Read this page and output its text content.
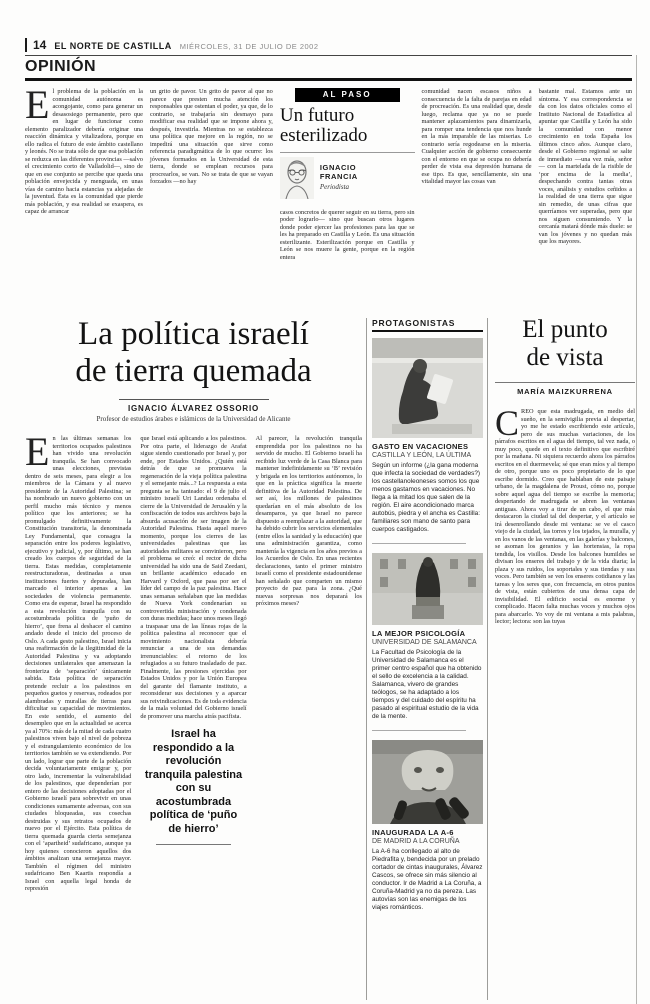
14 EL NORTE DE CASTILLA MIÉRCOLES, 31 DE JULIO DE 2002
OPINIÓN
El problema de la población en la comunidad autónoma es acongojante, como para generar un desasosiego permanente, pero que en lugar de funcionar como elemento paralizador debería originar una reacción dinámica y vitalizadora, porque en ello radica el futuro de este ámbito castellano y leonés. No se trata sólo de que esa población se reduzca en las diferentes provincias —salvo el crecimiento corto de Valladolid—, sino de que en ese conjunto se percibe que queda una población envejecida y menguada, en unas vías de camino hacia estancias ya alejadas de la juventud. Ésta es la comunidad que pierde más población, y esa realidad se exaspera, es capaz de arrancar
un grito de pavor. Un grito de pavor al que no parece que presten mucha atención los responsables que ostentan el poder, ya que, de lo contrario, se trabajaría sin desmayo para modificar esa realidad que se impone ahora y, después, investirla. Mientras no se establezca una política que mejore en la región, no se impedirá una situación que sirve como referencia paradigmática de lo que ocurre: los jóvenes formados en la Universidad de esta tierra, donde se emplean recursos para procrearlos, se van. No se trata de que se vayan forzados —no hay
AL PASO
Un futuro esterilizado
IGNACIO FRANCIA
Periodista
casos concretos de querer seguir en su tierra, pero sin poder lograrlo— sino que buscan otros lugares donde poder ejercer las profesiones para las que se les ha preparado en Castilla y León. Es una situación esterilizante. Esterilización porque en Castilla y León se nos muere la gente, porque en la región entera
comunidad nacen escasos niños a consecuencia de la falta de parejas en edad de procreación. Es una realidad que, desde luego, reclama que ya no se puede mantener aplazamientos para dinamizarla, para romper una tendencia que nos hunde en la más imparable de las miserias. Lo contrario sería regodearse en la miseria. Cualquier acción de gobierno consecuente con el entorno en que se ocupa no debería perder de vista esa depresión humana de ese tipo. Es que, sencillamente, sin una vitalidad mayor las cosas van
bastante mal. Estamos ante un síntoma. Y esa correspondencia se da con los datos oficiales como el Instituto Nacional de Estadística al apuntar que Castilla y León ha sido la comunidad con menor crecimiento en toda España los últimos cinco años. Aunque claro, desde el Gobierno regional se salte de inmediato —una vez más, señor— con la martelada de la risible de ‘por encima de la media’, despechando contra tantas otras voces, análisis y estudios ceñidos a la realidad de una tierra que sigue sin remedio, de unas cifras que querríamos ver superadas, pero que nos siguen consumiendo. Y la cercanía matará dónde más duele: se van los jóvenes y no quedan más que los mayores.
La política israelí
de tierra quemada
IGNACIO ÁLVAREZ OSSORIO
Profesor de estudios árabes e islámicos de la Universidad de Alicante
En las últimas semanas los territorios ocupados palestinos han vivido una revolución tranquila. Se han convocado unas elecciones, previstas dentro de seis meses, para elegir a los miembros de la Cámara y al nuevo presidente de la Autoridad Palestina; se ha nombrado un nuevo gobierno con un perfil mucho más técnico y menos político que los anteriores; se ha promulgado definitivamente la Constitución transitoria, la denominada Ley Fundamental, que consagra la separación entre los poderes legislativo, ejecutivo y judicial, y, por último, se han creado los cuerpos de seguridad de la tierra. Estas medidas, completamente reestructuradoras, destinadas a unas instituciones fuertes y depuradas, han marcado el interior apenas a las sociedades de violencia permanente. Como era de esperar, Israel ha respondido a esta revolución tranquila con su acostumbrada política de ‘puño de hierro’, que frena al deshacer el camino andado desde el inicio del proceso de Oslo. A cada gesto palestino, Israel inicia una reafirmación de la ilegitimidad de la Autoridad Palestina y va adoptando decisiones unilaterales que amenazan la fronteriza de ‘separación’ únicamente sabida. Esta política de separación pretende recluir a los palestinos en pequeños guetos y reservas, rodeados por alambradas y murallas de tierras para dificultar su capacidad de movimientos. En este sentido, el aumento del desempleo que en la actualidad se acerca ya al 70%: más de la mitad de cada cuatro palestinos viven bajo el nivel de pobreza y el estrangulamiento económico de los territorios también se va extendiendo. Por un lado, lograr que parte de la población decida voluntariamente emigrar y, por otro lado, incrementar la vulnerabilidad de los palestinos, que dependerían por entero de las decisiones adoptadas por el Gobierno israelí para sobrevivir en unas condiciones sumamente adversas, con sus ciudades bloqueadas, sus cosechas destruidas y sus retratos ocupados de nuevo por el Ejército. Esta política de tierra quemada guarda cierta semejanza con el ‘apartheid’ sudafricano, aunque ya hoy quienes conocieron aquellos dos ámbitos analizan una semejanza mayor. También el régimen del ministro sudafricano Ben Kaartis respondía a Israel con aquella legal honda de represión
que Israel está aplicando a los palestinos. Por otra parte, el liderazgo de Arafat sigue siendo cuestionado por Israel y, por ende, por Estados Unidos. ¿Quién está detrás de que se promueva la regeneración de la vieja política palestina y el semejante más...? La respuesta a esta pregunta se ha tanteado: el 9 de julio el ministro israelí Uri Landau ordenaba el cierre de la Universidad de Jerusalén y la confiscación de todos sus archivos bajo la absurda acusación de ser imagen de la Autoridad Palestina. Hasta aquel nuevo momento, porque los cierres de las universidades palestinas que las autoridades militares se convinieron, pero el problema se creó: el rector de dicha universidad ha sido una de Said Zeedani, un brillante académico educado en Harvard y Oxford, que pasa por ser el líder del campo de la paz palestina. Hace unas semanas señalaban que las medidas de Nueva York condenarían su controvertida ministración y condenada con duras medidas; hace unos meses llegó a traspasar una de las líneas rojas de la política palestina al reconocer que el movimiento nacionalista debería renunciar a una de sus demandas irrenunciables: el retorno de los refugiados a su futuro trasladado de paz. Finalmente, las presiones ejercidas por Estados Unidos y por la Unión Europea del garante del flamante instituto, a reconsiderar sus decisiones y a aparcar sus reivindicaciones. Es de toda evidencia de la mala voluntad del Gobierno israelí de promover una marcha atrás pacifista.
Israel ha respondido a la revolución tranquila palestina con su acostumbrada política de ‘puño de hierro’
Al parecer, la revolución tranquila emprendida por los palestinos no ha servido de mucho. El Gobierno israelí ha recibido luz verde de la Casa Blanca para mantener indefinidamente su ‘B’ revisión y brigada en los territorios autónomos, lo que en la práctica significa la muerte definitiva de la Autoridad Palestina. De ser así, los millones de palestinos quedarían en el más absoluto de los desamparos, ya que Israel no parece dispuesto a reemplazar a la autoridad, que ha debido cubrir los servicios elementales (entre ellos la sanidad y la educación) que una administración garantiza, como mantenía la vigencia en los años previos a los Acuerdos de Oslo. En unas recientes declaraciones, tanto el primer ministro israelí como el presidente estadounidense han señalado que comparten un mismo proyecto de paz para la zona. ¿Qué nuevas sorpresas nos deparará los próximos meses?
PROTAGONISTAS
GASTO EN VACACIONES
CASTILLA Y LEÓN, LA ÚLTIMA
Según un informe (¿la gana moderna que infecta la sociedad de verdades?) los castellanoleoneses somos los que menos gastamos en vacaciones. No llega a la mitad los que salen de la región. El aire acondicionado marca autobús, piedra y el ancha es Castilla: familiares son mano de santo para cuerpos castigados.
LA MEJOR PSICOLOGÍA
UNIVERSIDAD DE SALAMANCA
La Facultad de Psicología de la Universidad de Salamanca es el primer centro español que ha obtenido el sello de excelencia a la calidad. Salamanca, vivero de grandes teólogos, se ha adaptado a los tiempos y del cuidado del espíritu ha pasado al espiritual estudio de la vida de la mente.
INAUGURADA LA A-6
DE MADRID A LA CORUÑA
La A-6 ha conllegado al alto de Piedrafita y, bendecida por un prelado cortador de cintas inaugurales, Álvarez Cascos, se ofrece sin más silencio al conductor. Ir de Madrid a La Coruña, a Coruña-Madrid ya no da pereza. Las autovías son las enemigas de los viajes románticos.
El punto
de vista
MARÍA MAIZKURRENA
CREO que esta madrugada, en medio del sueño, en la semivigilia previa al despertar, yo me he estado escribiendo este artículo, pero de sus muchas variaciones, de los párrafos escritos en el agua del tiempo, tal vez nada, o muy poco, quede en el texto definitivo que escribiré por la mañana. Ni siquiera recuerdo ahora los párrafos escritos en el duermevela; sé que eran míos y al tiempo de otro, porque uno es poco propietario de lo que escribe dormido. Creo que hablaban de este paisaje urbano, de la magdalena de Proust, cómo no, porque sobre aquel agua del tiempo se escribe la memoria; despertando de madrugada se abren las ventanas antiguas. Ahora voy a tirar de un cabo, el que más destacaron la ciudad tal del despertar, y el artículo se irá desenrollando desde mi ventana: se ve el casco viejo de la ciudad, las torres y los tejados, la muralla, y en los vanos de las ventanas, en las galerías y balcones, se asoman los geranios y las hortensias, la ropa tendida, los visillos. Desde los balcones humildes se divisan los enseres del trabajo y de la vida diaria; la plaza y sus ruidos, los soportales y sus tiendas y sus voces. Pero también se ven los enseres cotidianos y las tareas y los seres que, con frecuencia, en otros puntos de vista, están cubiertos de una densa capa de invisibilidad. El edificio social es enorme y complicado. Hacen falta muchas voces y muchos ojos para abarcarlo. Yo voy de mi ventana a mis palabras, lector; lectora: son las tuyas
